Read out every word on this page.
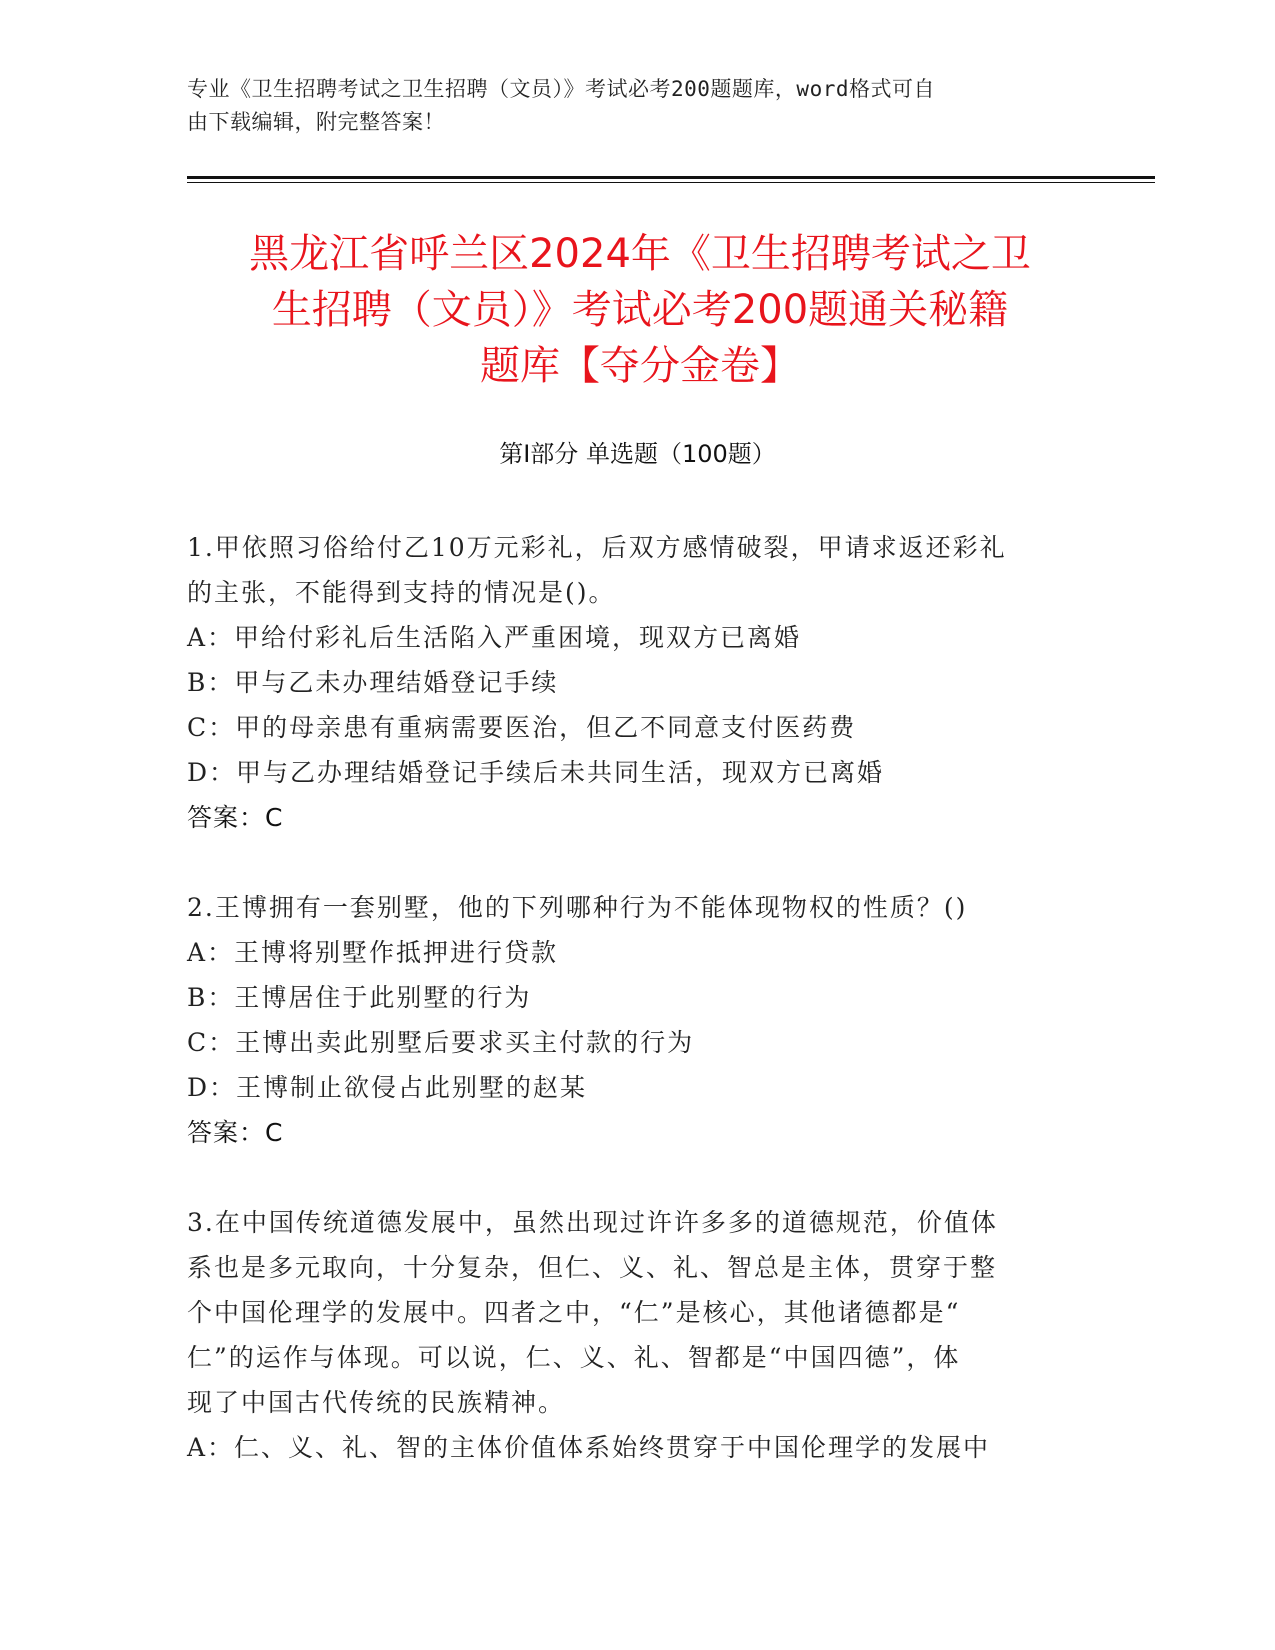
专业《卫生招聘考试之卫生招聘（文员）》考试必考200题题库，word格式可自
由下载编辑，附完整答案！
黑龙江省呼兰区2024年《卫生招聘考试之卫
生招聘（文员）》考试必考200题通关秘籍
题库【夺分金卷】
第Ⅰ部分 单选题（100题）

1.甲依照习俗给付乙10万元彩礼，后双方感情破裂，甲请求返还彩礼

的主张，不能得到支持的情况是()。

A：甲给付彩礼后生活陷入严重困境，现双方已离婚

B：甲与乙未办理结婚登记手续

C：甲的母亲患有重病需要医治，但乙不同意支付医药费

D：甲与乙办理结婚登记手续后未共同生活，现双方已离婚

答案：C

2.王博拥有一套别墅，他的下列哪种行为不能体现物权的性质？()

A：王博将别墅作抵押进行贷款

B：王博居住于此别墅的行为

C：王博出卖此别墅后要求买主付款的行为

D：王博制止欲侵占此别墅的赵某

答案：C

3.在中国传统道德发展中，虽然出现过许许多多的道德规范，价值体

系也是多元取向，十分复杂，但仁、义、礼、智总是主体，贯穿于整

个中国伦理学的发展中。四者之中，“仁”是核心，其他诸德都是“

仁”的运作与体现。可以说，仁、义、礼、智都是“中国四德”，体

现了中国古代传统的民族精神。

A：仁、义、礼、智的主体价值体系始终贯穿于中国伦理学的发展中
